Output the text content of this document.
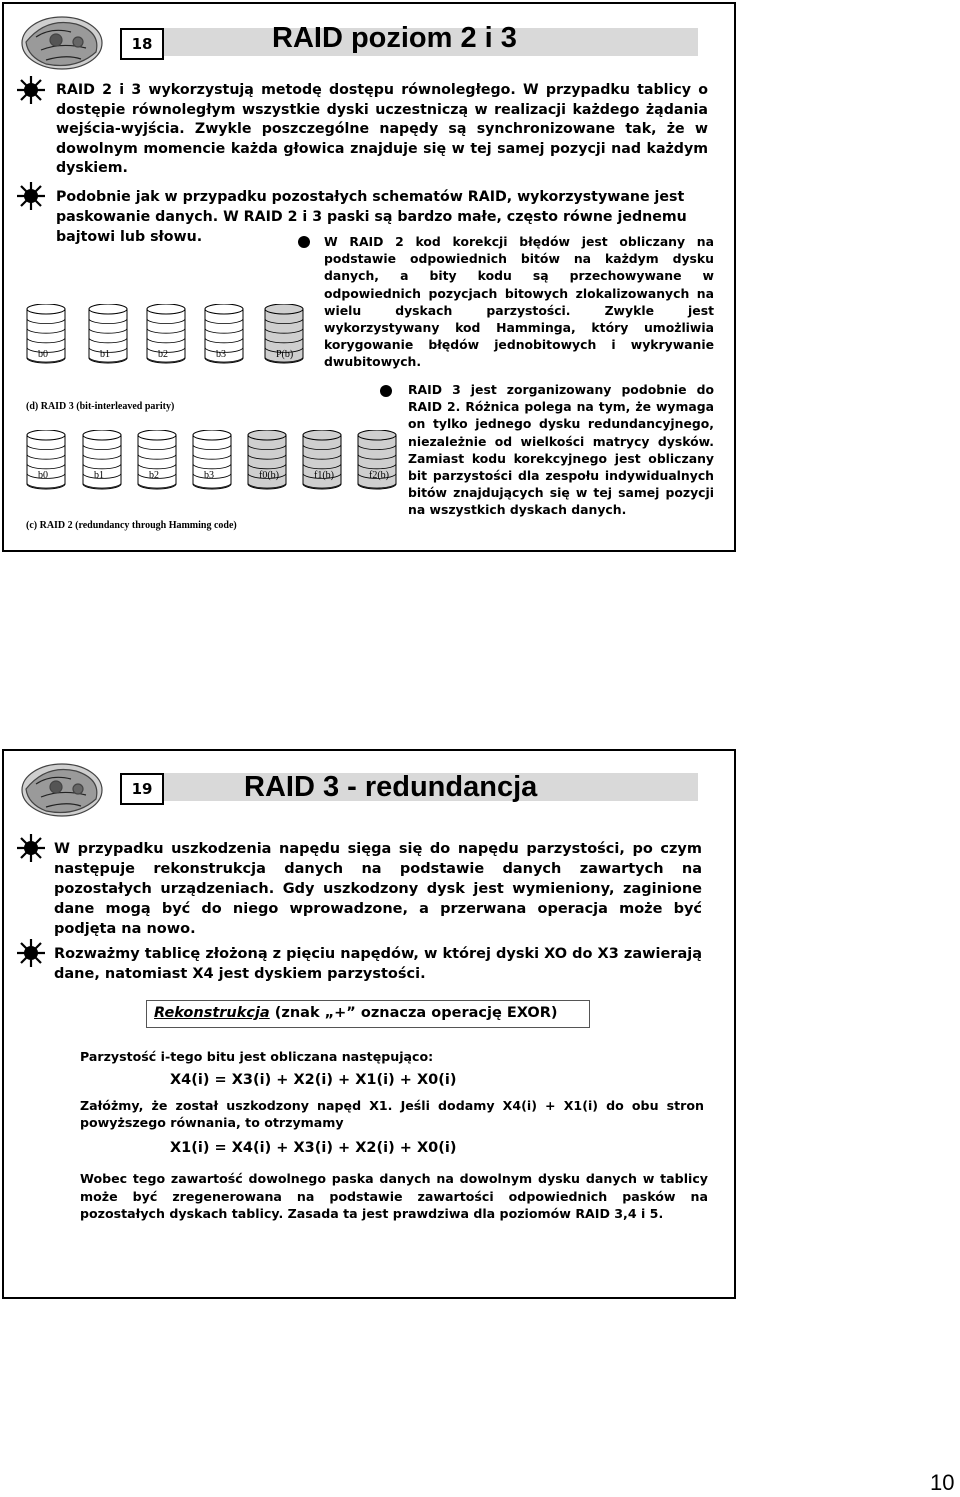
18	RAID poziom 2 i 3

RAID 2 i 3 wykorzystują metodę dostępu równoległego. W przypadku tablicy o dostępie równoległym wszystkie dyski uczestniczą w realizacji każdego żądania wejścia-wyjścia. Zwykle poszczególne napędy są synchronizowane tak, że w dowolnym momencie każda głowica znajduje się w tej samej pozycji nad każdym dyskiem.

Podobnie jak w przypadku pozostałych schematów RAID, wykorzystywane jest paskowanie danych. W RAID 2 i 3 paski są bardzo małe, często równe jednemu bajtowi lub słowu.	W RAID 2 kod korekcji błędów jest obliczany na podstawie odpowiednich bitów na każdym dysku danych, a bity kodu są przechowywane w odpowiednich pozycjach bitowych zlokalizowanych na wielu dyskach parzystości. Zwykle jest wykorzystywany kod Hamminga, który umożliwia korygowanie błędów jednobitowych i wykrywanie dwubitowych.

RAID 3 jest zorganizowany podobnie do RAID 2. Różnica polega na tym, że wymaga on tylko jednego dysku redundancyjnego, niezależnie od wielkości matrycy dysków. Zamiast kodu korekcyjnego jest obliczany bit parzystości dla zespołu indywidualnych bitów znajdujących się w tej samej pozycji na wszystkich dyskach danych.

b0	b1	b2	b3	P(b)
(d) RAID 3 (bit-interleaved parity)
b0	b1	b2	b3	f0(b)	f1(b)	f2(b)
(c) RAID 2 (redundancy through Hamming code)
19	RAID 3 - redundancja

W przypadku uszkodzenia napędu sięga się do napędu parzystości, po czym następuje rekonstrukcja danych na podstawie danych zawartych na pozostałych urządzeniach. Gdy uszkodzony dysk jest wymieniony, zaginione dane mogą być do niego wprowadzone, a przerwana operacja może być podjęta na nowo.

Rozważmy tablicę złożoną z pięciu napędów, w której dyski XO do X3 zawierają dane, natomiast X4 jest dyskiem parzystości.

Rekonstrukcja (znak „+” oznacza operację EXOR)

Parzystość i-tego bitu jest obliczana następująco:

X4(i) = X3(i) + X2(i) + X1(i) + X0(i)

Załóżmy, że został uszkodzony napęd X1. Jeśli dodamy X4(i) + X1(i) do obu stron powyższego równania, to otrzymamy

X1(i) = X4(i) + X3(i) + X2(i) + X0(i)

Wobec tego zawartość dowolnego paska danych na dowolnym dysku danych w tablicy może być zregenerowana na podstawie zawartości odpowiednich pasków na pozostałych dyskach tablicy. Zasada ta jest prawdziwa dla poziomów RAID 3,4 i 5.

10
